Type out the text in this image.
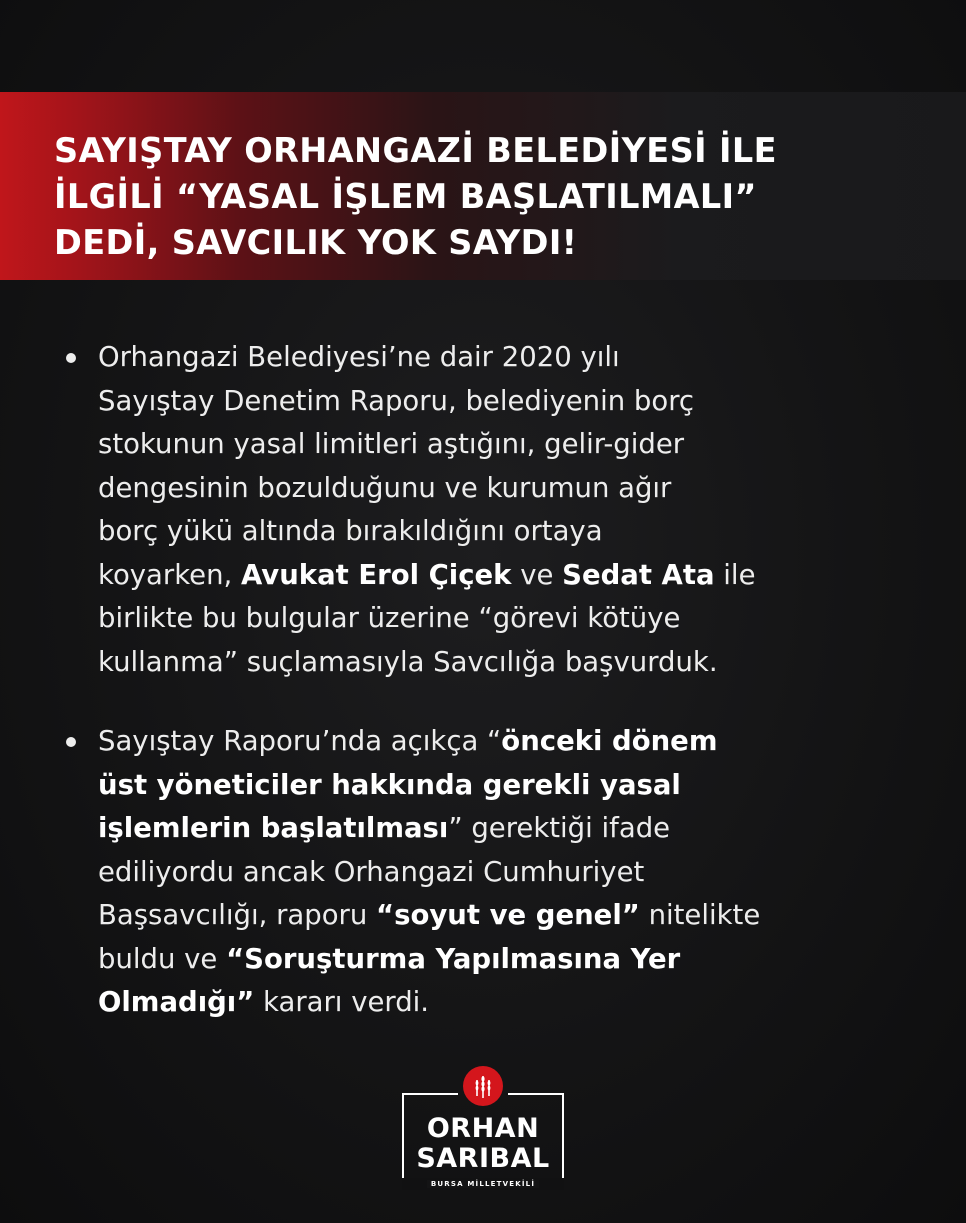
SAYIŞTAY ORHANGAZİ BELEDİYESİ İLE
İLGİLİ “YASAL İŞLEM BAŞLATILMALI”
DEDİ, SAVCILIK YOK SAYDI!
Orhangazi Belediyesi’ne dair 2020 yılı
Sayıştay Denetim Raporu, belediyenin borç
stokunun yasal limitleri aştığını, gelir-gider
dengesinin bozulduğunu ve kurumun ağır
borç yükü altında bırakıldığını ortaya
koyarken, Avukat Erol Çiçek ve Sedat Ata ile
birlikte bu bulgular üzerine “görevi kötüye
kullanma” suçlamasıyla Savcılığa başvurduk.
Sayıştay Raporu’nda açıkça “önceki dönem
üst yöneticiler hakkında gerekli yasal
işlemlerin başlatılması” gerektiği ifade
ediliyordu ancak Orhangazi Cumhuriyet
Başsavcılığı, raporu “soyut ve genel” nitelikte
buldu ve “Soruşturma Yapılmasına Yer
Olmadığı” kararı verdi.
ORHAN
SARIBAL
BURSA MİLLETVEKİLİ
